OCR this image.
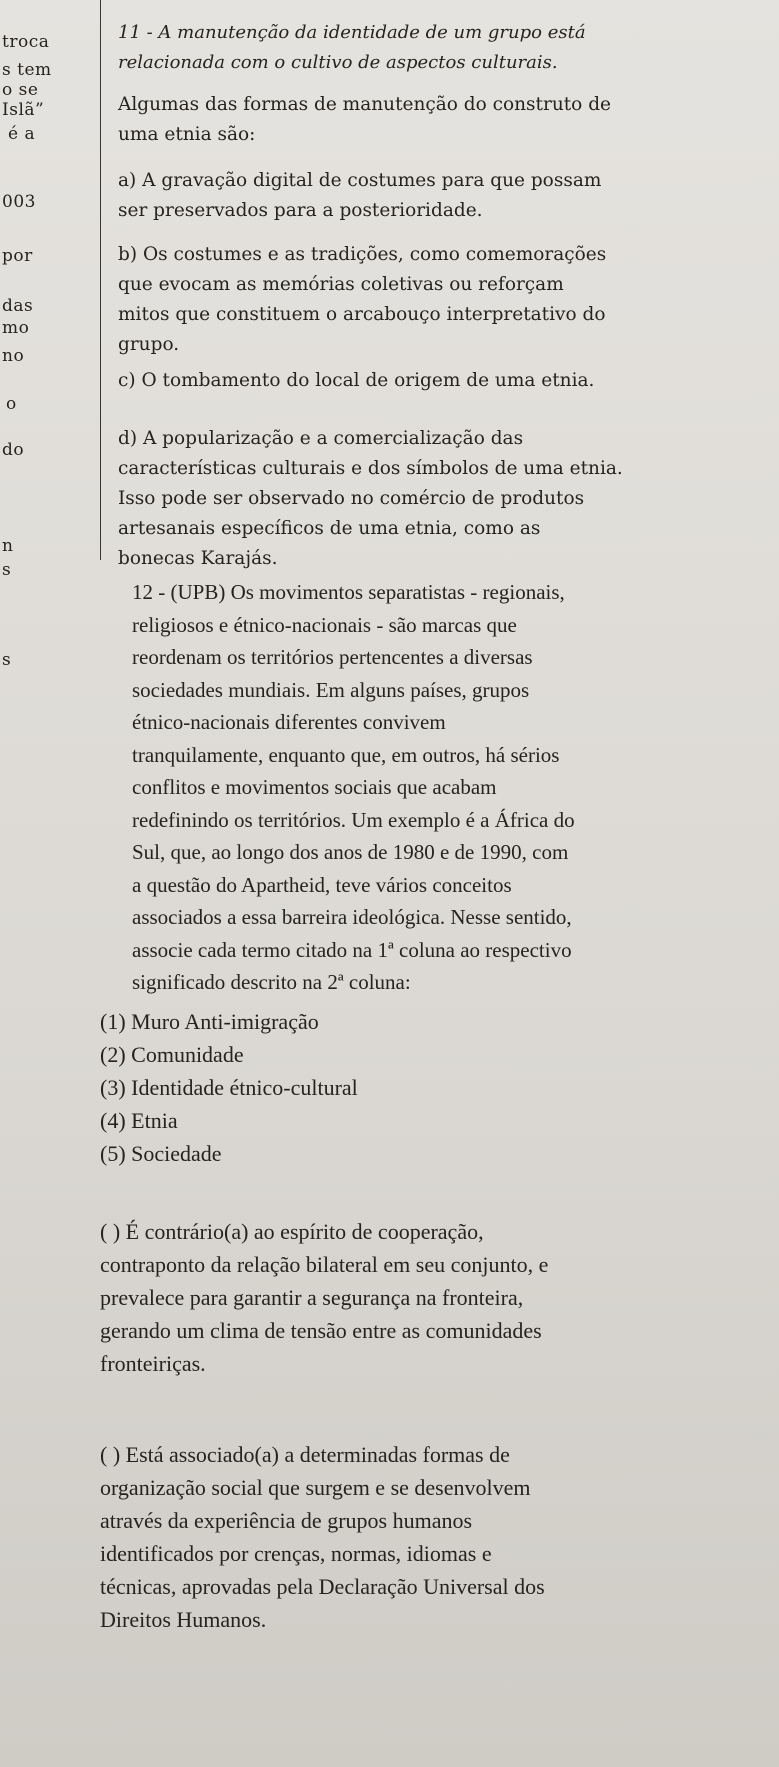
troca
s tem
o se
Islã”
é a
003
por
das
mo
no
o
do
n
s
s

11 - A manutenção da identidade de um grupo está

relacionada com o cultivo de aspectos culturais.

Algumas das formas de manutenção do construto de

uma etnia são:

a) A gravação digital de costumes para que possam

ser preservados para a posterioridade.

b) Os costumes e as tradições, como comemorações

que evocam as memórias coletivas ou reforçam

mitos que constituem o arcabouço interpretativo do

grupo.

c) O tombamento do local de origem de uma etnia.

d) A popularização e a comercialização das

características culturais e dos símbolos de uma etnia.

Isso pode ser observado no comércio de produtos

artesanais específicos de uma etnia, como as

bonecas Karajás.

12 - (UPB) Os movimentos separatistas - regionais,

religiosos e étnico-nacionais - são marcas que

reordenam os territórios pertencentes a diversas

sociedades mundiais. Em alguns países, grupos

étnico-nacionais diferentes convivem

tranquilamente, enquanto que, em outros, há sérios

conflitos e movimentos sociais que acabam

redefinindo os territórios. Um exemplo é a África do

Sul, que, ao longo dos anos de 1980 e de 1990, com

a questão do Apartheid, teve vários conceitos

associados a essa barreira ideológica. Nesse sentido,

associe cada termo citado na 1ª coluna ao respectivo

significado descrito na 2ª coluna:

(1) Muro Anti-imigração

(2) Comunidade

(3) Identidade étnico-cultural

(4) Etnia

(5) Sociedade

( ) É contrário(a) ao espírito de cooperação,

contraponto da relação bilateral em seu conjunto, e

prevalece para garantir a segurança na fronteira,

gerando um clima de tensão entre as comunidades

fronteiriças.

( ) Está associado(a) a determinadas formas de

organização social que surgem e se desenvolvem

através da experiência de grupos humanos

identificados por crenças, normas, idiomas e

técnicas, aprovadas pela Declaração Universal dos

Direitos Humanos.
